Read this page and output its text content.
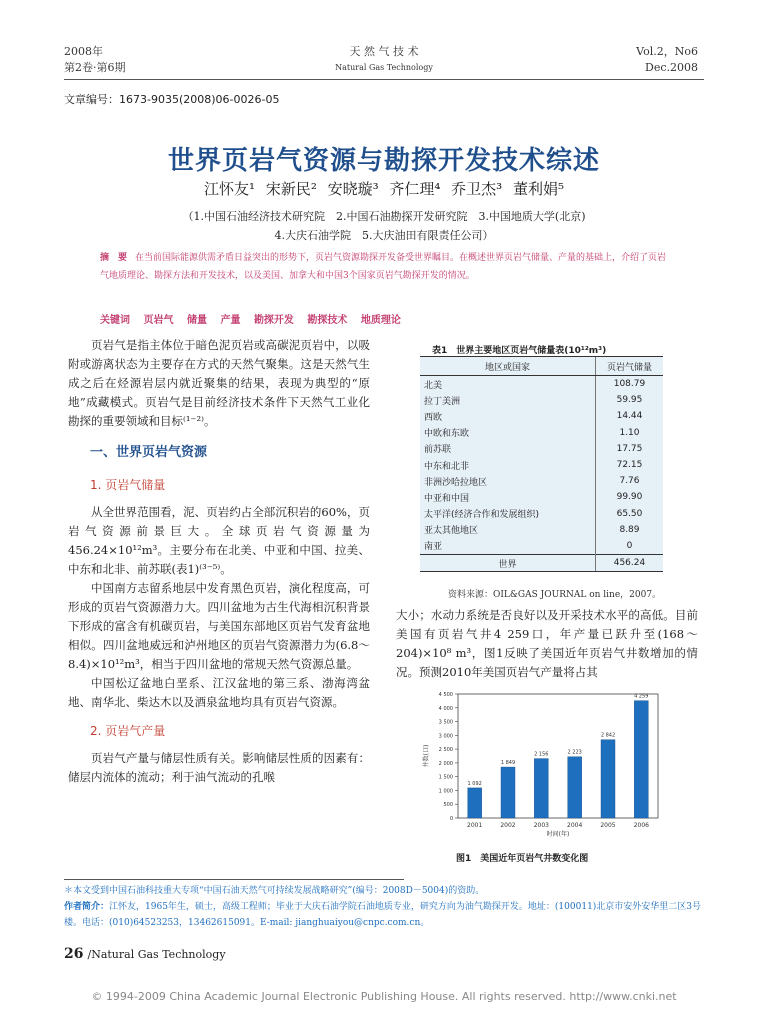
2008年
第2卷·第6期
天 然 气 技 术
Natural Gas Technology
Vol.2，No6
Dec.2008
文章编号：1673-9035(2008)06-0026-05
世界页岩气资源与勘探开发技术综述
江怀友¹ 宋新民² 安晓璇³ 齐仁理⁴ 乔卫杰³ 董利娟⁵
（1.中国石油经济技术研究院　2.中国石油勘探开发研究院　3.中国地质大学(北京)
4.大庆石油学院　5.大庆油田有限责任公司）
摘　要 在当前国际能源供需矛盾日益突出的形势下，页岩气资源勘探开发备受世界瞩目。在概述世界页岩气储量、产量的基础上，介绍了页岩气地质理论、勘探方法和开发技术，以及美国、加拿大和中国3个国家页岩气勘探开发的情况。
关键词 页岩气 储量 产量 勘探开发 勘探技术 地质理论

页岩气是指主体位于暗色泥页岩或高碳泥页岩中，以吸附或游离状态为主要存在方式的天然气聚集。这是天然气生成之后在烃源岩层内就近聚集的结果，表现为典型的“原地”成藏模式。页岩气是目前经济技术条件下天然气工业化勘探的重要领域和目标⁽¹⁻²⁾。

一、世界页岩气资源
1. 页岩气储量

从全世界范围看，泥、页岩约占全部沉积岩的60%，页岩气资源前景巨大。全球页岩气资源量为456.24×10¹²m³。主要分布在北美、中亚和中国、拉美、中东和北非、前苏联(表1)⁽³⁻⁵⁾。

中国南方志留系地层中发育黑色页岩，演化程度高，可形成的页岩气资源潜力大。四川盆地为古生代海相沉积背景下形成的富含有机碳页岩，与美国东部地区页岩气发育盆地相似。四川盆地威远和泸州地区的页岩气资源潜力为(6.8～8.4)×10¹²m³，相当于四川盆地的常规天然气资源总量。

中国松辽盆地白垩系、江汉盆地的第三系、渤海湾盆地、南华北、柴达木以及酒泉盆地均具有页岩气资源。

2. 页岩气产量

页岩气产量与储层性质有关。影响储层性质的因素有：储层内流体的流动；利于油气流动的孔喉

表1　世界主要地区页岩气储量表(10¹²m³)
地区或国家	页岩气储量
北美	108.79
拉丁美洲	59.95
西欧	14.44
中欧和东欧	1.10
前苏联	17.75
中东和北非	72.15
非洲沙哈拉地区	7.76
中亚和中国	99.90
太平洋(经济合作和发展组织)	65.50
亚太其他地区	8.89
南亚	0
世界	456.24
资料来源：OIL&GAS JOURNAL on line，2007。

大小；水动力系统是否良好以及开采技术水平的高低。目前美国有页岩气井4 259口，年产量已跃升至(168～204)×10⁸ m³，图1反映了美国近年页岩气井数增加的情况。预测2010年美国页岩气产量将占其

0
500
1 000
1 500
2 000
2 500
3 000
3 500
4 000
4 500
井数(口)
1 092
2001
1 849
2002
2 156
2003
2 223
2004
2 842
2005
4 259
2006
时间(年)
图1　美国近年页岩气井数变化图
＊本文受到中国石油科技重大专项“中国石油天然气可持续发展战略研究”(编号：2008D－5004)的资助。
作者简介：江怀友，1965年生，硕士，高级工程师；毕业于大庆石油学院石油地质专业，研究方向为油气勘探开发。地址：(100011)北京市安外安华里二区3号楼。电话：(010)64523253，13462615091。E-mail: jianghuaiyou@cnpc.com.cn。
26 /Natural Gas Technology
© 1994-2009 China Academic Journal Electronic Publishing House. All rights reserved. http://www.cnki.net
